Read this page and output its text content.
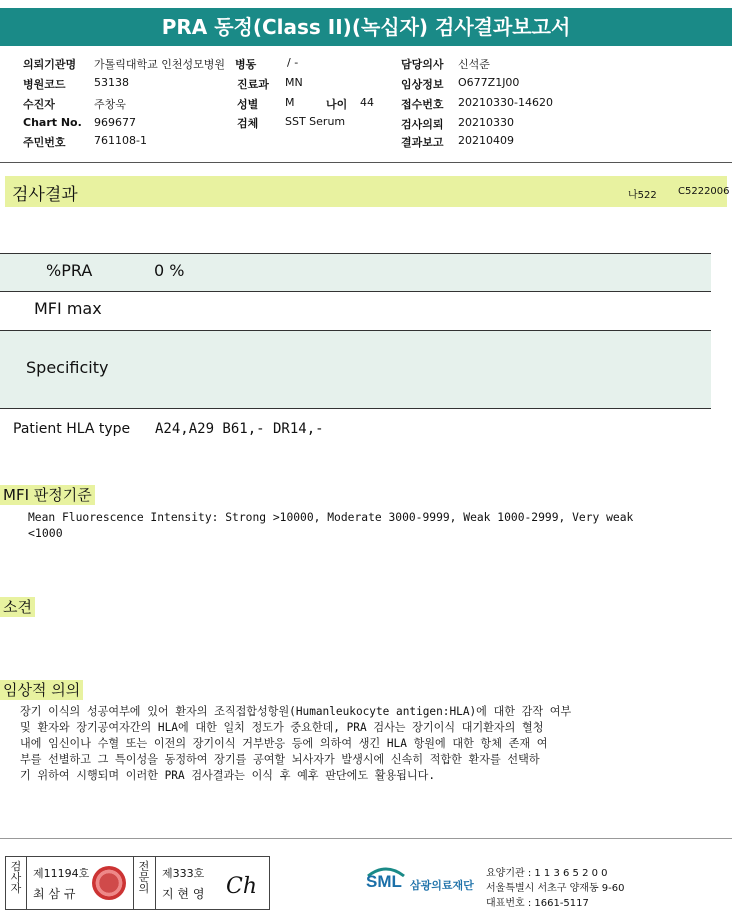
PRA 동정(Class II)(녹십자) 검사결과보고서
의뢰기관명 가톨릭대학교 인천성모병원
병원코드	53138
수진자	주창욱
Chart No. 969677
주민번호	761108-1
병동	/ -
진료과 MN
성별 M	나이 44
검체 SST Serum
담당의사 신석준
임상정보 O677Z1J00
접수번호 20210330-14620
검사의뢰 20210330
결과보고 20210409
검사결과	나522 C5222006
%PRA	0 %
MFI max
Specificity
Patient HLA type A24,A29 B61,- DR14,-
MFI 판정기준
Mean Fluorescence Intensity: Strong >10000, Moderate 3000-9999, Weak 1000-2999, Very weak
<1000
소견
임상적 의의
장기 이식의 성공여부에 있어 환자의 조직접합성항원(Humanleukocyte antigen:HLA)에 대한 감작 여부
및 환자와 장기공여자간의 HLA에 대한 일치 정도가 중요한데, PRA 검사는 장기이식 대기환자의 혈청
내에 임신이나 수혈 또는 이전의 장기이식 거부반응 등에 의하여 생긴 HLA 항원에 대한 항체 존재 여
부를 선별하고 그 특이성을 동정하여 장기를 공여할 뇌사자가 발생시에 신속히 적합한 환자를 선택하
기 위하여 시행되며 이러한 PRA 검사결과는 이식 후 예후 판단에도 활용됩니다.
검사자
제11194호
최 삼 규
전문의
제333호
지 현 영 Ch	SML 삼광의료재단
요양기관 : 1 1 3 6 5 2 0 0
서울특별시 서초구 양재동 9-60
대표번호 : 1661-5117
